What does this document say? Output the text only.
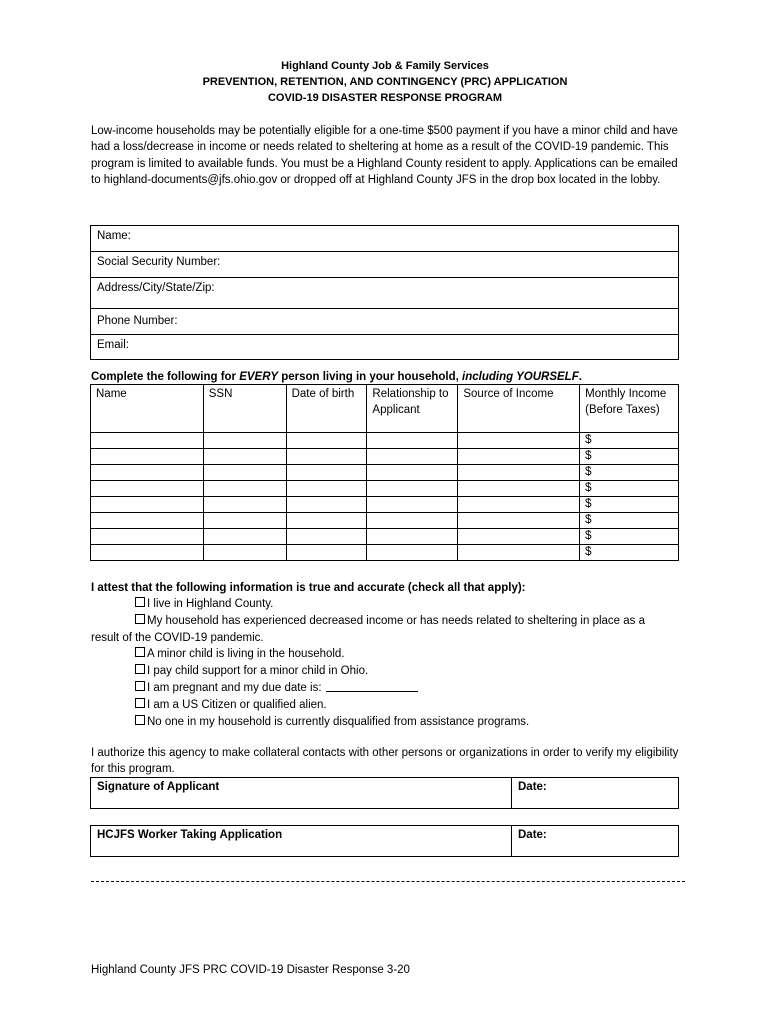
Highland County Job & Family Services
PREVENTION, RETENTION, AND CONTINGENCY (PRC) APPLICATION
COVID-19 DISASTER RESPONSE PROGRAM
Low-income households may be potentially eligible for a one-time $500 payment if you have a minor child and have had a loss/decrease in income or needs related to sheltering at home as a result of the COVID-19 pandemic. This program is limited to available funds. You must be a Highland County resident to apply. Applications can be emailed to highland-documents@jfs.ohio.gov or dropped off at Highland County JFS in the drop box located in the lobby.
Name:
Social Security Number:
Address/City/State/Zip:
Phone Number:
Email:
Complete the following for EVERY person living in your household, including YOURSELF.
Name	SSN	Date of birth	Relationship to Applicant	Source of Income	Monthly Income (Before Taxes)
					$
					$
					$
					$
					$
					$
					$
					$
I attest that the following information is true and accurate (check all that apply):
I live in Highland County.
My household has experienced decreased income or has needs related to sheltering in place as a
result of the COVID-19 pandemic.
A minor child is living in the household.
I pay child support for a minor child in Ohio.
I am pregnant and my due date is:
I am a US Citizen or qualified alien.
No one in my household is currently disqualified from assistance programs.
I authorize this agency to make collateral contacts with other persons or organizations in order to verify my eligibility for this program.
Signature of Applicant	Date:
HCJFS Worker Taking Application	Date:
Highland County JFS PRC COVID-19 Disaster Response 3-20
